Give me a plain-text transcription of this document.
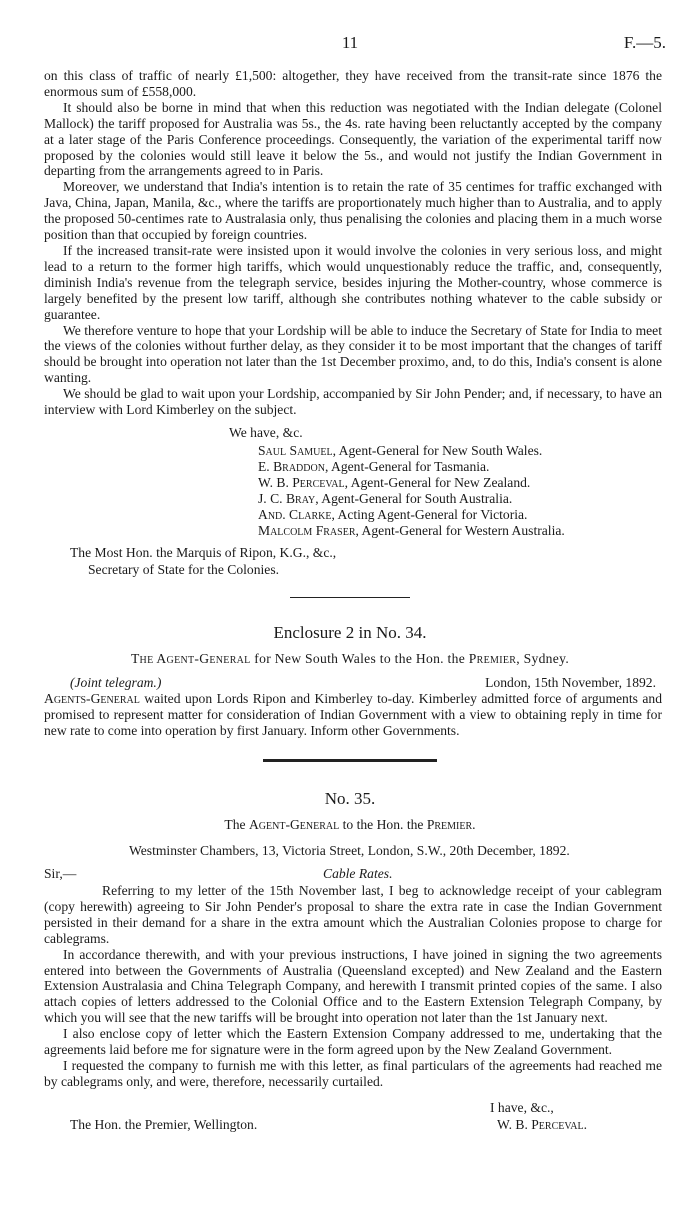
11	F.—5.

on this class of traffic of nearly £1,500: altogether, they have received from the transit-rate since 1876 the enormous sum of £558,000.

It should also be borne in mind that when this reduction was negotiated with the Indian delegate (Colonel Mallock) the tariff proposed for Australia was 5s., the 4s. rate having been reluctantly accepted by the company at a later stage of the Paris Conference proceedings. Consequently, the variation of the experimental tariff now proposed by the colonies would still leave it below the 5s., and would not justify the Indian Government in departing from the arrangements agreed to in Paris.

Moreover, we understand that India's intention is to retain the rate of 35 centimes for traffic exchanged with Java, China, Japan, Manila, &c., where the tariffs are proportionately much higher than to Australia, and to apply the proposed 50-centimes rate to Australasia only, thus penalising the colonies and placing them in a much worse position than that occupied by foreign countries.

If the increased transit-rate were insisted upon it would involve the colonies in very serious loss, and might lead to a return to the former high tariffs, which would unquestionably reduce the traffic, and, consequently, diminish India's revenue from the telegraph service, besides injuring the Mother-country, whose commerce is largely benefited by the present low tariff, although she contributes nothing whatever to the cable subsidy or guarantee.

We therefore venture to hope that your Lordship will be able to induce the Secretary of State for India to meet the views of the colonies without further delay, as they consider it to be most important that the changes of tariff should be brought into operation not later than the 1st December proximo, and, to do this, India's consent is alone wanting.

We should be glad to wait upon your Lordship, accompanied by Sir John Pender; and, if necessary, to have an interview with Lord Kimberley on the subject.

We have, &c.
Saul Samuel, Agent-General for New South Wales.
E. Braddon, Agent-General for Tasmania.
W. B. Perceval, Agent-General for New Zealand.
J. C. Bray, Agent-General for South Australia.
And. Clarke, Acting Agent-General for Victoria.
Malcolm Fraser, Agent-General for Western Australia.
The Most Hon. the Marquis of Ripon, K.G., &c.,
Secretary of State for the Colonies.
Enclosure 2 in No. 34.
The Agent-General for New South Wales to the Hon. the Premier, Sydney.
(Joint telegram.)	London, 15th November, 1892.

Agents-General waited upon Lords Ripon and Kimberley to-day. Kimberley admitted force of arguments and promised to represent matter for consideration of Indian Government with a view to obtaining reply in time for new rate to come into operation by first January. Inform other Governments.

No. 35.
The Agent-General to the Hon. the Premier.
Westminster Chambers, 13, Victoria Street, London, S.W., 20th December, 1892.
Sir,—	Cable Rates.

Referring to my letter of the 15th November last, I beg to acknowledge receipt of your cablegram (copy herewith) agreeing to Sir John Pender's proposal to share the extra rate in case the Indian Government persisted in their demand for a share in the extra amount which the Australian Colonies propose to charge for cablegrams.

In accordance therewith, and with your previous instructions, I have joined in signing the two agreements entered into between the Governments of Australia (Queensland excepted) and New Zealand and the Eastern Extension Australasia and China Telegraph Company, and herewith I transmit printed copies of the same. I also attach copies of letters addressed to the Colonial Office and to the Eastern Extension Telegraph Company, by which you will see that the new tariffs will be brought into operation not later than the 1st January next.

I also enclose copy of letter which the Eastern Extension Company addressed to me, undertaking that the agreements laid before me for signature were in the form agreed upon by the New Zealand Government.

I requested the company to furnish me with this letter, as final particulars of the agreements had reached me by cablegrams only, and were, therefore, necessarily curtailed.

I have, &c.,
The Hon. the Premier, Wellington.	W. B. Perceval.
